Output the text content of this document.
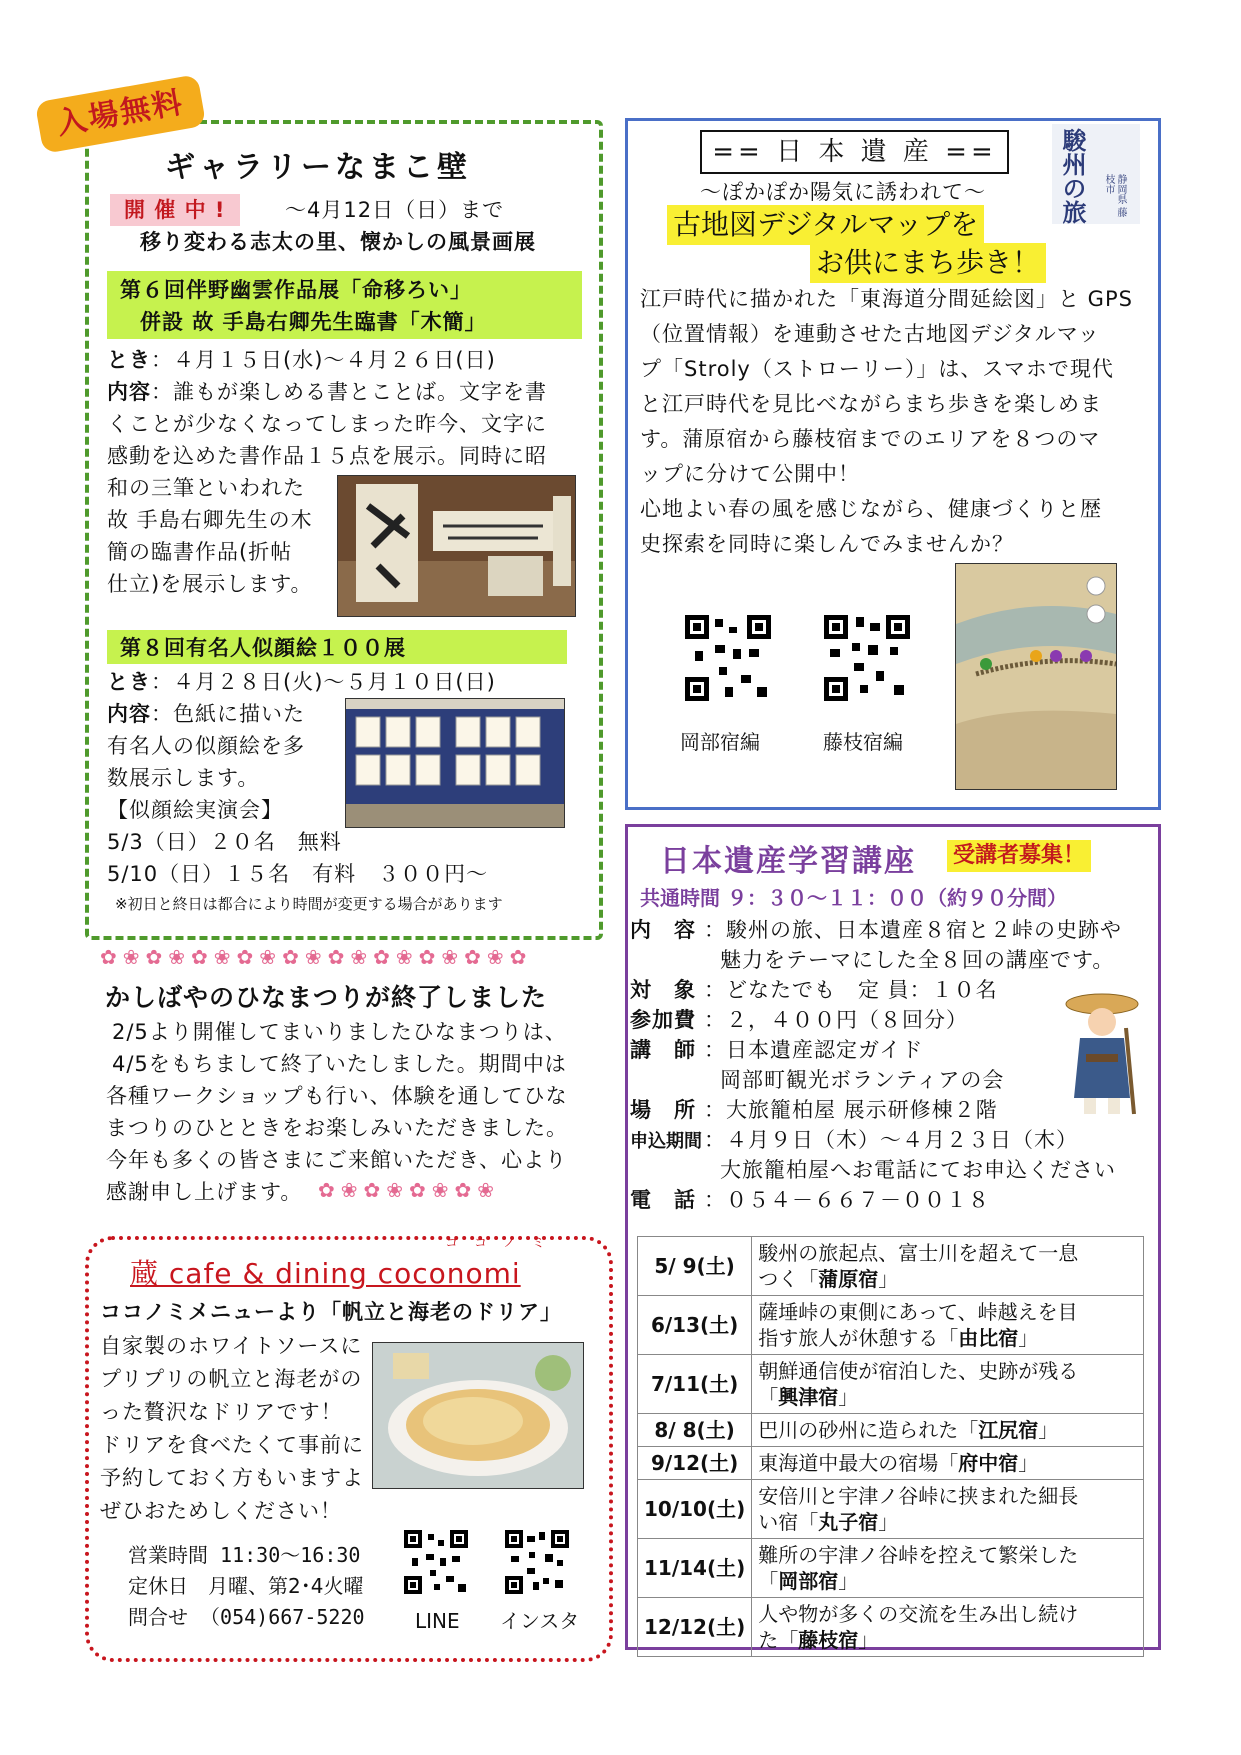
入場無料
ギャラリーなまこ壁
開 催 中 !	～4月12日（日）まで
移り変わる志太の里、懐かしの風景画展
第６回伴野幽雲作品展「命移ろい」
併設 故 手島右卿先生臨書「木簡」
とき：４月１５日(水)～４月２６日(日)
内容：誰もが楽しめる書とことば。文字を書
くことが少なくなってしまった昨今、文字に
感動を込めた書作品１５点を展示。同時に昭
和の三筆といわれた
故 手島右卿先生の木
簡の臨書作品(折帖
仕立)を展示します。
第８回有名人似顔絵１００展
とき：４月２８日(火)～５月１０日(日)
内容：色紙に描いた
有名人の似顔絵を多
数展示します。
【似顔絵実演会】
5/3（日）２０名　無料
5/10（日）１５名　有料　３００円～
※初日と終日は都合により時間が変更する場合があります
✿❀✿❀✿❀✿❀✿❀✿❀✿❀✿❀✿❀✿
かしばやのひなまつりが終了しました
2/5より開催してまいりましたひなまつりは、
4/5をもちまして終了いたしました。期間中は
各種ワークショップも行い、体験を通してひな
まつりのひとときをお楽しみいただきました。
今年も多くの皆さまにご来館いただき、心より
感謝申し上げます。 ✿❀✿❀✿❀✿❀
ココノミ
蔵 cafe & dining coconomi
ココノミメニューより「帆立と海老のドリア」
自家製のホワイトソースに
プリプリの帆立と海老がの
った贅沢なドリアです！
ドリアを食べたくて事前に
予約しておく方もいますよ
ぜひおためしください！
営業時間 11:30～16:30
定休日　月曜、第2･4火曜
問合せ （054)667-5220	LINE インスタ
== 日 本 遺 産 ==
～ぽかぽか陽気に誘われて～
古地図デジタルマップを
お供にまち歩き！
駿州の旅	静岡県 藤枝市
江戸時代に描かれた「東海道分間延絵図」と GPS
（位置情報）を連動させた古地図デジタルマッ
プ「Stroly（ストローリー）」は、スマホで現代
と江戸時代を見比べながらまち歩きを楽しめま
す。蒲原宿から藤枝宿までのエリアを８つのマ
ップに分けて公開中！
心地よい春の風を感じながら、健康づくりと歴
史探索を同時に楽しんでみませんか？
岡部宿編	藤枝宿編
日本遺産学習講座 受講者募集！
共通時間 ９：３０～１１：００（約９０分間）
内　容 ：駿州の旅、日本遺産８宿と２峠の史跡や
魅力をテーマにした全８回の講座です。
対　象 ：どなたでも　定 員：１０名
参加費 ：２，４００円（８回分）
講　師 ：日本遺産認定ガイド
岡部町観光ボランティアの会
場　所 ：大旅籠柏屋 展示研修棟２階
申込期間：４月９日（木）～４月２３日（木）
大旅籠柏屋へお電話にてお申込ください
電　話 ：０５４－６６７－００１８
5/ 9(土)	駿州の旅起点、富士川を超えて一息
つく「蒲原宿」
6/13(土)	薩埵峠の東側にあって、峠越えを目
指す旅人が休憩する「由比宿」
7/11(土)	朝鮮通信使が宿泊した、史跡が残る
「興津宿」
8/ 8(土)	巴川の砂州に造られた「江尻宿」
9/12(土)	東海道中最大の宿場「府中宿」
10/10(土)	安倍川と宇津ノ谷峠に挟まれた細長
い宿「丸子宿」
11/14(土)	難所の宇津ノ谷峠を控えて繁栄した
「岡部宿」
12/12(土)	人や物が多くの交流を生み出し続け
た「藤枝宿」
